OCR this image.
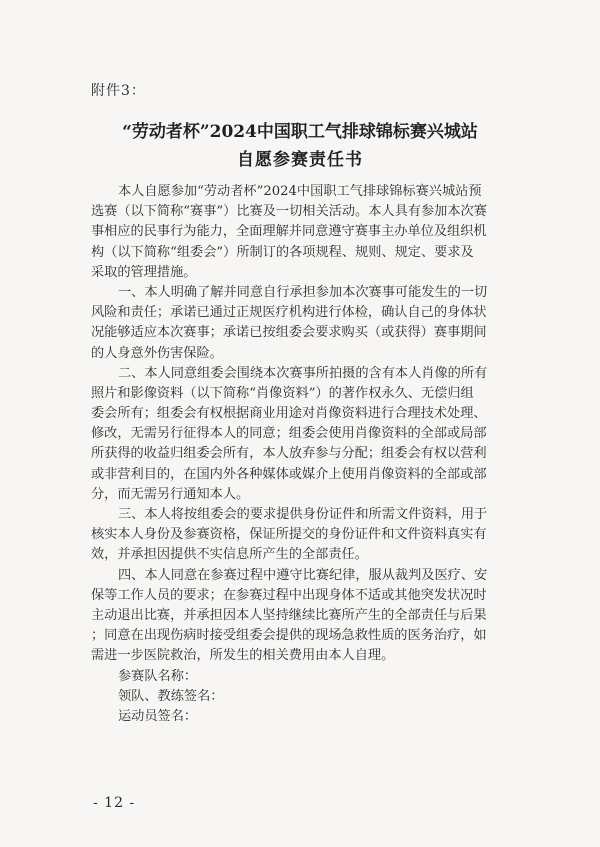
附件3：
“劳动者杯”2024中国职工气排球锦标赛兴城站
自愿参赛责任书
本人自愿参加“劳动者杯”2024中国职工气排球锦标赛兴城站预
选赛（以下简称“赛事”）比赛及一切相关活动。本人具有参加本次赛
事相应的民事行为能力，全面理解并同意遵守赛事主办单位及组织机
构（以下简称“组委会”）所制订的各项规程、规则、规定、要求及
采取的管理措施。
一、本人明确了解并同意自行承担参加本次赛事可能发生的一切
风险和责任；承诺已通过正规医疗机构进行体检，确认自己的身体状
况能够适应本次赛事；承诺已按组委会要求购买（或获得）赛事期间
的人身意外伤害保险。
二、本人同意组委会围绕本次赛事所拍摄的含有本人肖像的所有
照片和影像资料（以下简称“肖像资料”）的著作权永久、无偿归组
委会所有；组委会有权根据商业用途对肖像资料进行合理技术处理、
修改，无需另行征得本人的同意；组委会使用肖像资料的全部或局部
所获得的收益归组委会所有，本人放弃参与分配；组委会有权以营利
或非营利目的，在国内外各种媒体或媒介上使用肖像资料的全部或部
分，而无需另行通知本人。
三、本人将按组委会的要求提供身份证件和所需文件资料，用于
核实本人身份及参赛资格，保证所提交的身份证件和文件资料真实有
效，并承担因提供不实信息所产生的全部责任。
四、本人同意在参赛过程中遵守比赛纪律，服从裁判及医疗、安
保等工作人员的要求；在参赛过程中出现身体不适或其他突发状况时
主动退出比赛，并承担因本人坚持继续比赛所产生的全部责任与后果
；同意在出现伤病时接受组委会提供的现场急救性质的医务治疗，如
需进一步医院救治，所发生的相关费用由本人自理。
参赛队名称：
领队、教练签名：
运动员签名：
- 12 -
